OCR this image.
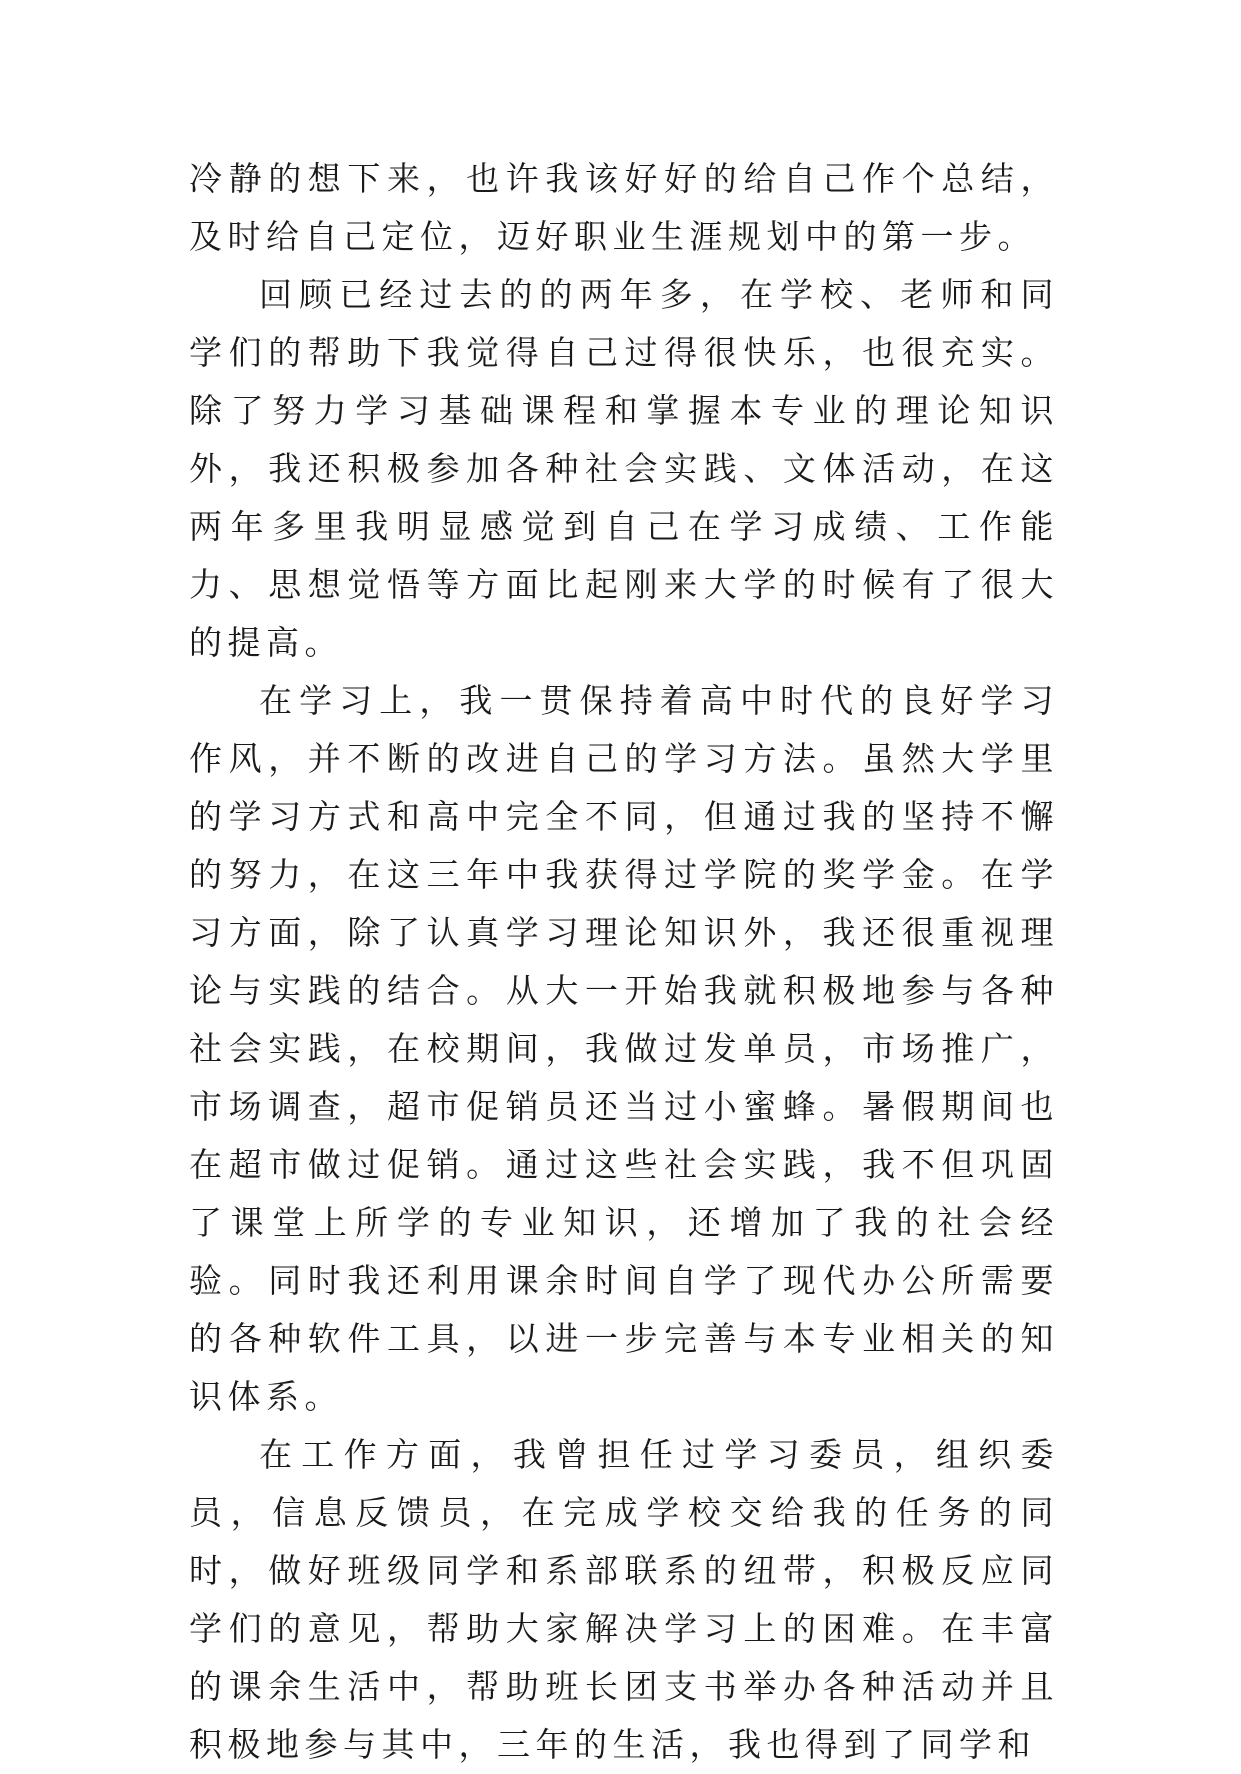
冷静的想下来，也许我该好好的给自己作个总结，及时给自己定位，迈好职业生涯规划中的第一步。

回顾已经过去的的两年多，在学校、老师和同学们的帮助下我觉得自己过得很快乐，也很充实。除了努力学习基础课程和掌握本专业的理论知识外，我还积极参加各种社会实践、文体活动，在这两年多里我明显感觉到自己在学习成绩、工作能力、思想觉悟等方面比起刚来大学的时候有了很大的提高。

在学习上，我一贯保持着高中时代的良好学习作风，并不断的改进自己的学习方法。虽然大学里的学习方式和高中完全不同，但通过我的坚持不懈的努力，在这三年中我获得过学院的奖学金。在学习方面，除了认真学习理论知识外，我还很重视理论与实践的结合。从大一开始我就积极地参与各种社会实践，在校期间，我做过发单员，市场推广，市场调查，超市促销员还当过小蜜蜂。暑假期间也在超市做过促销。通过这些社会实践，我不但巩固了课堂上所学的专业知识，还增加了我的社会经验。同时我还利用课余时间自学了现代办公所需要的各种软件工具，以进一步完善与本专业相关的知识体系。

在工作方面，我曾担任过学习委员，组织委员，信息反馈员，在完成学校交给我的任务的同时，做好班级同学和系部联系的纽带，积极反应同学们的意见，帮助大家解决学习上的困难。在丰富的课余生活中，帮助班长团支书举办各种活动并且积极地参与其中，三年的生活，我也得到了同学和
